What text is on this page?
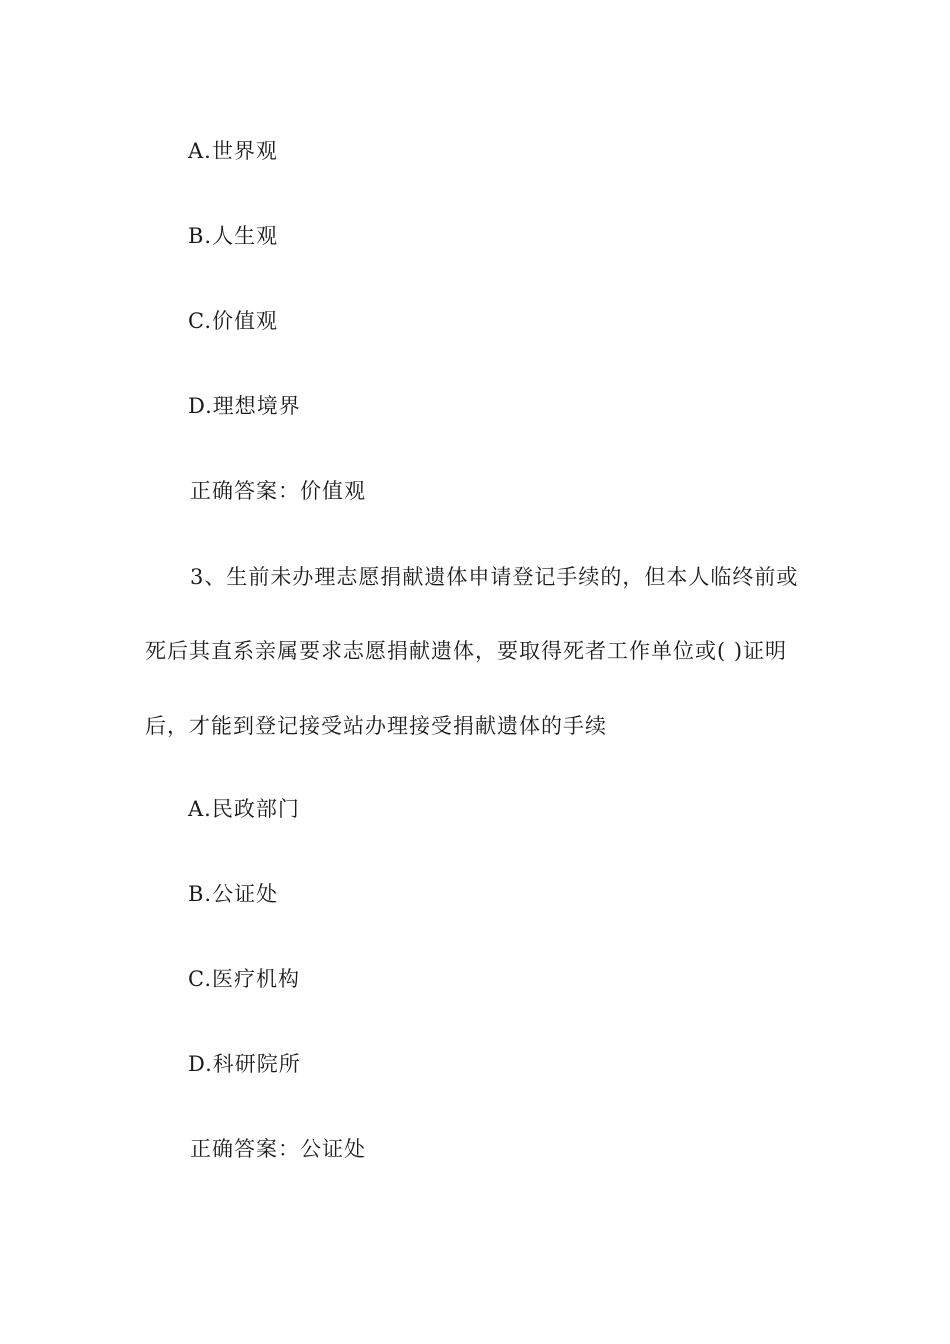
A.世界观
B.人生观
C.价值观
D.理想境界
正确答案：价值观
3、生前未办理志愿捐献遗体申请登记手续的，但本人临终前或
死后其直系亲属要求志愿捐献遗体，要取得死者工作单位或( )证明
后，才能到登记接受站办理接受捐献遗体的手续
A.民政部门
B.公证处
C.医疗机构
D.科研院所
正确答案：公证处
